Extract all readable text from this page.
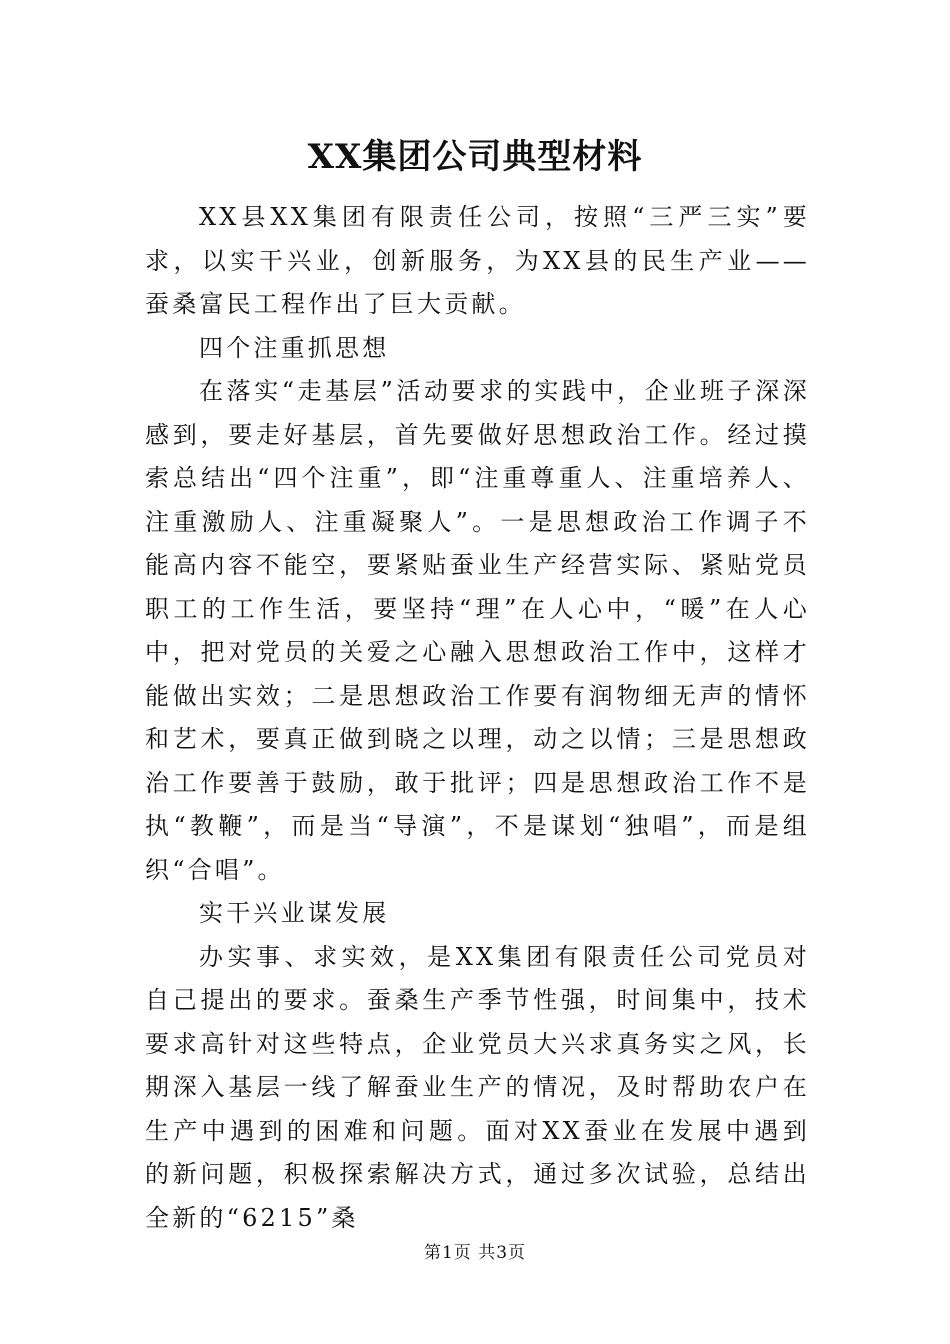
XX集团公司典型材料

XX县XX集团有限责任公司，按照“三严三实”要求，以实干兴业，创新服务，为XX县的民生产业——蚕桑富民工程作出了巨大贡献。

四个注重抓思想

在落实“走基层”活动要求的实践中，企业班子深深感到，要走好基层，首先要做好思想政治工作。经过摸索总结出“四个注重”，即“注重尊重人、注重培养人、注重激励人、注重凝聚人”。一是思想政治工作调子不能高内容不能空，要紧贴蚕业生产经营实际、紧贴党员职工的工作生活，要坚持“理”在人心中，“暖”在人心中，把对党员的关爱之心融入思想政治工作中，这样才能做出实效；二是思想政治工作要有润物细无声的情怀和艺术，要真正做到晓之以理，动之以情；三是思想政治工作要善于鼓励，敢于批评；四是思想政治工作不是执“教鞭”，而是当“导演”，不是谋划“独唱”，而是组织“合唱”。

实干兴业谋发展

办实事、求实效，是XX集团有限责任公司党员对自己提出的要求。蚕桑生产季节性强，时间集中，技术要求高针对这些特点，企业党员大兴求真务实之风，长期深入基层一线了解蚕业生产的情况，及时帮助农户在生产中遇到的困难和问题。面对XX蚕业在发展中遇到的新问题，积极探索解决方式，通过多次试验，总结出全新的“6215”桑

第1页 共3页
